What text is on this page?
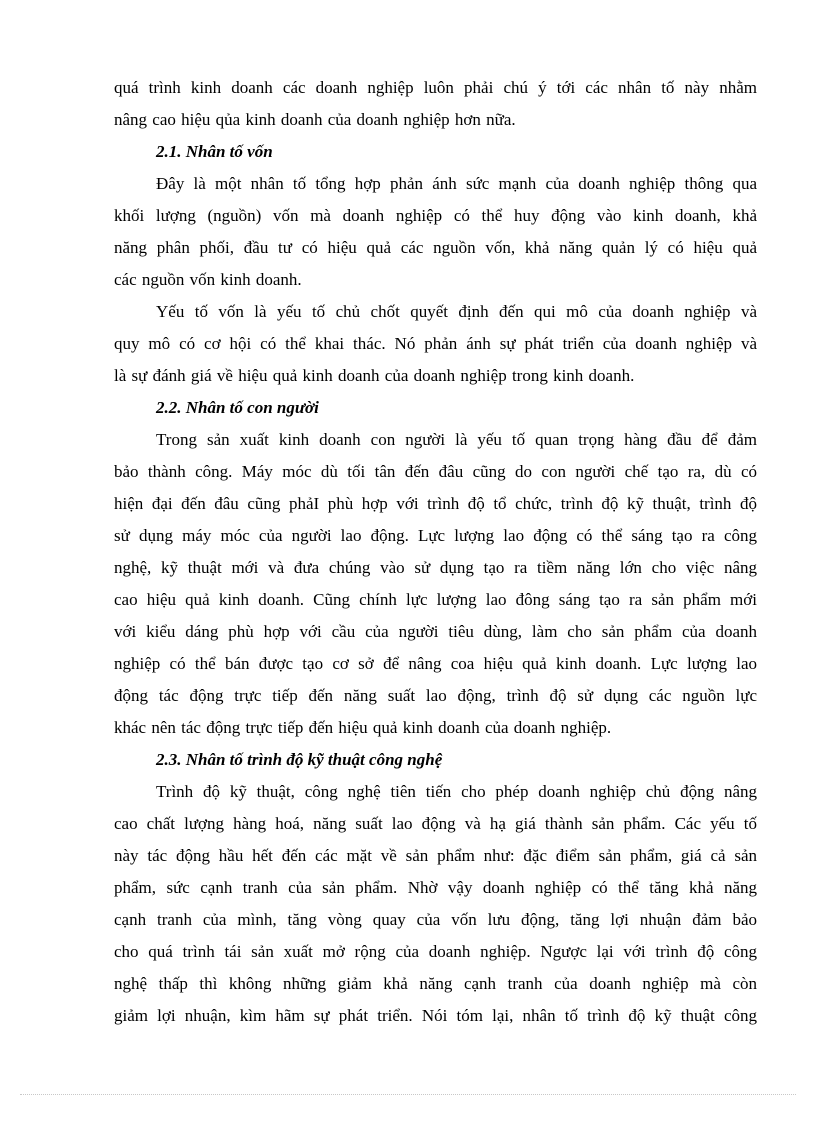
quá trình kinh doanh các doanh nghiệp luôn phải chú ý tới các nhân tố này nhằm
nâng cao hiệu qủa kinh doanh của doanh nghiệp hơn nữa.
2.1. Nhân tố vốn
Đây là một nhân tố tổng hợp phản ánh sức mạnh của doanh nghiệp thông qua
khối lượng (nguồn) vốn mà doanh nghiệp có thể huy động vào kinh doanh, khả
năng phân phối, đầu tư có hiệu quả các nguồn vốn, khả năng quản lý có hiệu quả
các nguồn vốn kinh doanh.
Yếu tố vốn là yếu tố chủ chốt quyết định đến qui mô của doanh nghiệp và
quy mô có cơ hội có thể khai thác. Nó phản ánh sự phát triển của doanh nghiệp và
là sự đánh giá về hiệu quả kinh doanh của doanh nghiệp trong kinh doanh.
2.2. Nhân tố con người
Trong sản xuất kinh doanh con người là yếu tố quan trọng hàng đầu để đảm
bảo thành công. Máy móc dù tối tân đến đâu cũng do con người chế tạo ra, dù có
hiện đại đến đâu cũng phảI phù hợp với trình độ tổ chức, trình độ kỹ thuật, trình độ
sử dụng máy móc của người lao động. Lực lượng lao động có thể sáng tạo ra công
nghệ, kỹ thuật mới và đưa chúng vào sử dụng tạo ra tiềm năng lớn cho việc nâng
cao hiệu quả kinh doanh. Cũng chính lực lượng lao đông sáng tạo ra sản phẩm mới
với kiểu dáng phù hợp với cầu của người tiêu dùng, làm cho sản phẩm của doanh
nghiệp có thể bán được tạo cơ sở để nâng coa hiệu quả kinh doanh. Lực lượng lao
động tác động trực tiếp đến năng suất lao động, trình độ sử dụng các nguồn lực
khác nên tác động trực tiếp đến hiệu quả kinh doanh của doanh nghiệp.
2.3. Nhân tố trình độ kỹ thuật công nghệ
Trình độ kỹ thuật, công nghệ tiên tiến cho phép doanh nghiệp chủ động nâng
cao chất lượng hàng hoá, năng suất lao động và hạ giá thành sản phẩm. Các yếu tố
này tác động hầu hết đến các mặt về sản phẩm như: đặc điểm sản phẩm, giá cả sản
phẩm, sức cạnh tranh của sản phẩm. Nhờ vậy doanh nghiệp có thể tăng khả năng
cạnh tranh của mình, tăng vòng quay của vốn lưu động, tăng lợi nhuận đảm bảo
cho quá trình tái sản xuất mở rộng của doanh nghiệp. Ngược lại với trình độ công
nghệ thấp thì không những giảm khả năng cạnh tranh của doanh nghiệp mà còn
giảm lợi nhuận, kìm hãm sự phát triển. Nói tóm lại, nhân tố trình độ kỹ thuật công
